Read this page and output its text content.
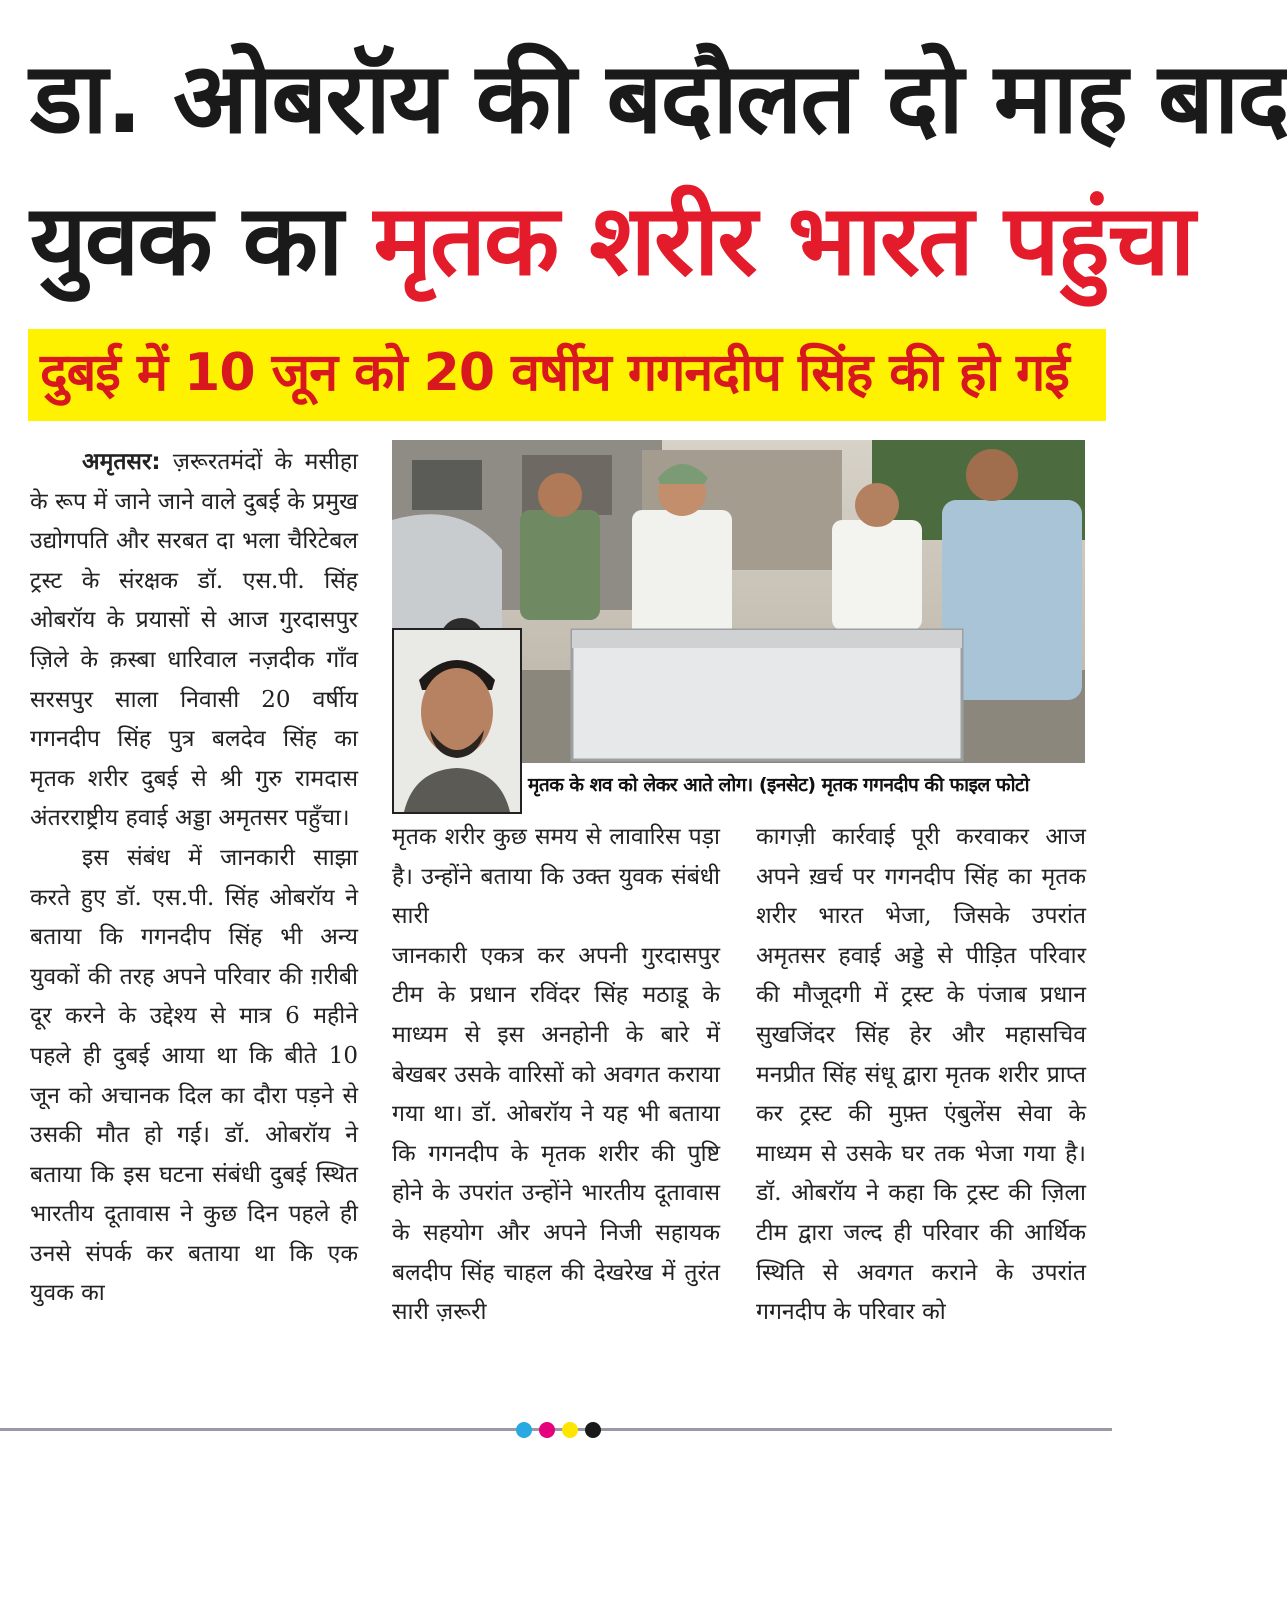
डा. ओबरॉय की बदौलत दो माह बाद
युवक का मृतक शरीर भारत पहुंचा
दुबई में 10 जून को 20 वर्षीय गगनदीप सिंह की हो गई

अमृतसर: ज़रूरतमंदों के मसीहा के रूप में जाने जाने वाले दुबई के प्रमुख उद्योगपति और सरबत दा भला चैरिटेबल ट्रस्ट के संरक्षक डॉ. एस.पी. सिंह ओबरॉय के प्रयासों से आज गुरदासपुर ज़िले के क़स्बा धारिवाल नज़दीक गाँव सरसपुर साला निवासी 20 वर्षीय गगनदीप सिंह पुत्र बलदेव सिंह का मृतक शरीर दुबई से श्री गुरु रामदास अंतरराष्ट्रीय हवाई अड्डा अमृतसर पहुँचा।

इस संबंध में जानकारी साझा करते हुए डॉ. एस.पी. सिंह ओबरॉय ने बताया कि गगनदीप सिंह भी अन्य युवकों की तरह अपने परिवार की ग़रीबी दूर करने के उद्देश्य से मात्र 6 महीने पहले ही दुबई आया था कि बीते 10 जून को अचानक दिल का दौरा पड़ने से उसकी मौत हो गई। डॉ. ओबरॉय ने बताया कि इस घटना संबंधी दुबई स्थित भारतीय दूतावास ने कुछ दिन पहले ही उनसे संपर्क कर बताया था कि एक युवक का

मृतक के शव को लेकर आते लोग। (इनसेट) मृतक गगनदीप की फाइल फोटो

मृतक शरीर कुछ समय से लावारिस पड़ा है। उन्होंने बताया कि उक्त युवक संबंधी सारी

जानकारी एकत्र कर अपनी गुरदासपुर टीम के प्रधान रविंदर सिंह मठाडू के माध्यम से इस अनहोनी के बारे में बेखबर उसके वारिसों को अवगत कराया गया था। डॉ. ओबरॉय ने यह भी बताया कि गगनदीप के मृतक शरीर की पुष्टि होने के उपरांत उन्होंने भारतीय दूतावास के सहयोग और अपने निजी सहायक बलदीप सिंह चाहल की देखरेख में तुरंत सारी ज़रूरी

कागज़ी कार्रवाई पूरी करवाकर आज अपने ख़र्च पर गगनदीप सिंह का मृतक शरीर भारत भेजा, जिसके उपरांत अमृतसर हवाई अड्डे से पीड़ित परिवार की मौजूदगी में ट्रस्ट के पंजाब प्रधान सुखजिंदर सिंह हेर और महासचिव मनप्रीत सिंह संधू द्वारा मृतक शरीर प्राप्त कर ट्रस्ट की मुफ़्त एंबुलेंस सेवा के माध्यम से उसके घर तक भेजा गया है। डॉ. ओबरॉय ने कहा कि ट्रस्ट की ज़िला टीम द्वारा जल्द ही परिवार की आर्थिक स्थिति से अवगत कराने के उपरांत गगनदीप के परिवार को
